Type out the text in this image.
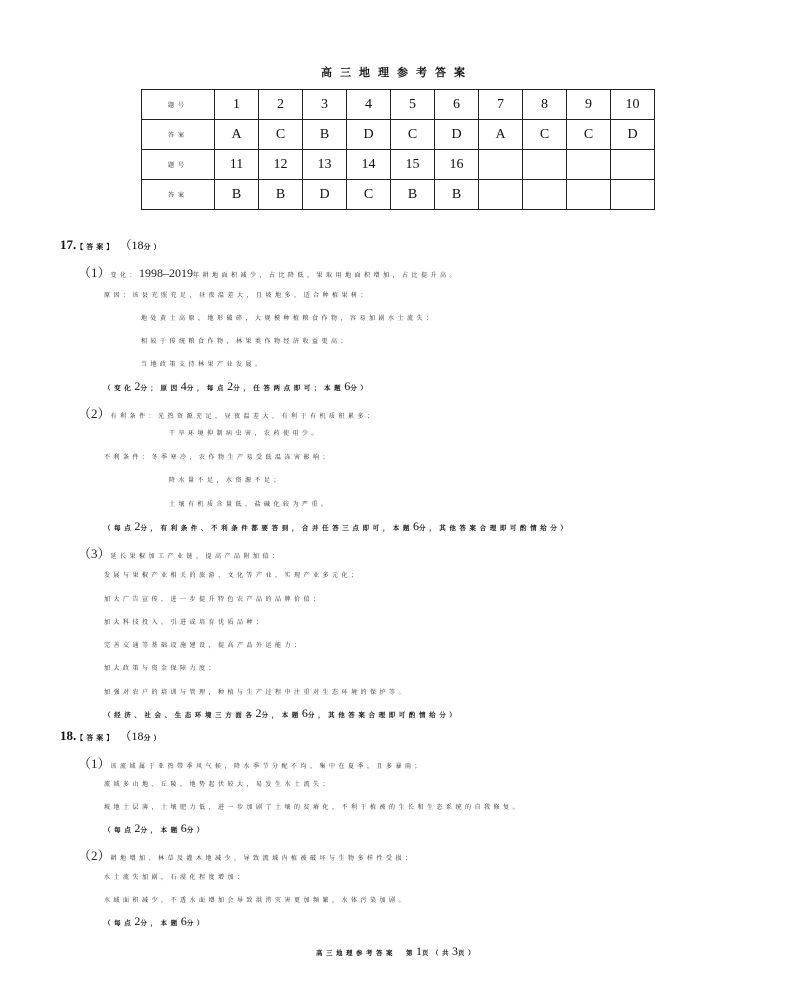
高三地理参考答案
题号	1	2	3	4	5	6	7	8	9	10
答案	A	C	B	D	C	D	A	C	C	D
题号	11	12	13	14	15	16				
答案	B	B	D	C	B	B				
17.【答案】 （18分）
（1）变化：1998–2019年耕地面积减少，占比降低，果取用地面积增加，占比提升高。
原因：该县光照充足，昼夜温差大，且坡地多，适合种植果树；
地处黄土高原，地形破碎，大规模种植粮食作物，容易加剧水土流失；
相较于传统粮食作物，林果类作物经济收益更高；
当地政策支持林果产业发展。
（变化2分；原因4分，每点2分，任答两点即可；本题6分）
（2）有利条件：光热资源充足，昼夜温差大，有利于有机质积累多；
干旱环境抑制病虫害，农药使用少。
不利条件：冬季寒冷，农作物生产易受低温冻害影响；
降水量不足，水资源不足；
土壤有机质含量低，盐碱化较为严重。
（每点2分，有利条件、不利条件都要答到，合并任答三点即可，本题6分，其他答案合理即可酌情给分）
（3）延长果椒加工产业链，提高产品附加值；
发展与果椒产业相关的旅游、文化等产业，实现产业多元化；
加大广告宣传，进一步提升特色农产品的品牌价值；
加大科技投入，引进或培育优质品种；
完善交通等基础设施建设，提高产品外运能力；
加大政策与资金保障力度；
加强对农户的培训与管理，种植与生产过程中注重对生态环境的保护等。
（经济、社会、生态环境三方面各2分，本题6分，其他答案合理即可酌情给分）
18.【答案】 （18分）
（1）该流域属于亚热带季风气候，降水季节分配不均，集中在夏季，且多暴雨；
流域多山地、丘陵，地势起伏较大，易发生水土流失；
坡地土层薄，土壤肥力低，进一步加剧了土壤的贫瘠化，不利于植被的生长和生态系统的自我修复。
（每点2分，本题6分）
（2）耕地增加、林草及灌木地减少，导致流域内植被破坏与生物多样性受损；
水土流失加剧，石漠化程度增加；
水域面积减少，不透水面增加会导致洪涝灾害更加频繁，水体污染加剧。
（每点2分，本题6分）
高三地理参考答案　第1页（共3页）
